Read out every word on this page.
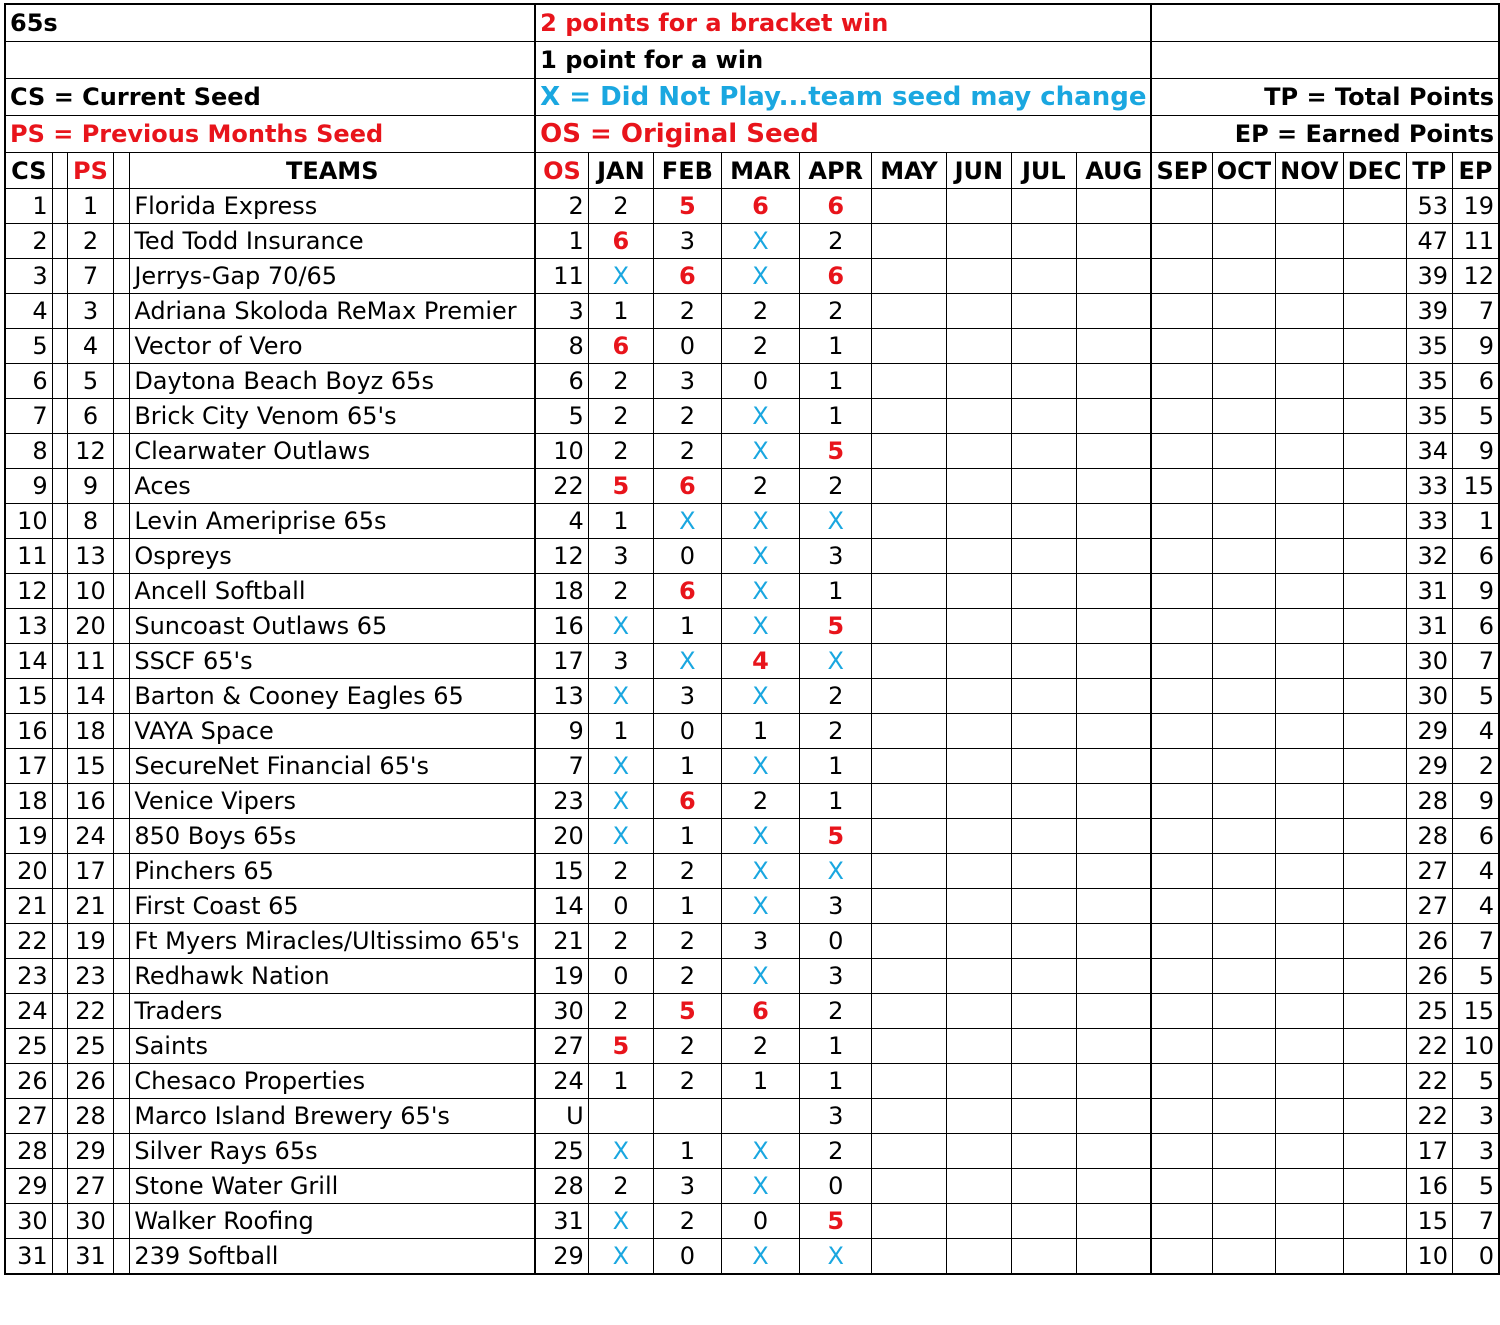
65s					2 points for a bracket win														
					1 point for a win														
CS = Current Seed					X = Did Not Play...team seed may change									TP = Total Points					
PS = Previous Months Seed					OS = Original Seed									EP = Earned Points					
CS		PS		TEAMS	OS	JAN	FEB	MAR	APR	MAY	JUN	JUL	AUG	SEP	OCT	NOV	DEC	TP	EP
1		1		Florida Express	2	2	5	6	6									53	19
2		2		Ted Todd Insurance	1	6	3	X	2									47	11
3		7		Jerrys-Gap 70/65	11	X	6	X	6									39	12
4		3		Adriana Skoloda ReMax Premier	3	1	2	2	2									39	7
5		4		Vector of Vero	8	6	0	2	1									35	9
6		5		Daytona Beach Boyz 65s	6	2	3	0	1									35	6
7		6		Brick City Venom 65's	5	2	2	X	1									35	5
8		12		Clearwater Outlaws	10	2	2	X	5									34	9
9		9		Aces	22	5	6	2	2									33	15
10		8		Levin Ameriprise 65s	4	1	X	X	X									33	1
11		13		Ospreys	12	3	0	X	3									32	6
12		10		Ancell Softball	18	2	6	X	1									31	9
13		20		Suncoast Outlaws 65	16	X	1	X	5									31	6
14		11		SSCF 65's	17	3	X	4	X									30	7
15		14		Barton & Cooney Eagles 65	13	X	3	X	2									30	5
16		18		VAYA Space	9	1	0	1	2									29	4
17		15		SecureNet Financial 65's	7	X	1	X	1									29	2
18		16		Venice Vipers	23	X	6	2	1									28	9
19		24		850 Boys 65s	20	X	1	X	5									28	6
20		17		Pinchers 65	15	2	2	X	X									27	4
21		21		First Coast 65	14	0	1	X	3									27	4
22		19		Ft Myers Miracles/Ultissimo 65's	21	2	2	3	0									26	7
23		23		Redhawk Nation	19	0	2	X	3									26	5
24		22		Traders	30	2	5	6	2									25	15
25		25		Saints	27	5	2	2	1									22	10
26		26		Chesaco Properties	24	1	2	1	1									22	5
27		28		Marco Island Brewery 65's	U				3									22	3
28		29		Silver Rays 65s	25	X	1	X	2									17	3
29		27		Stone Water Grill	28	2	3	X	0									16	5
30		30		Walker Roofing	31	X	2	0	5									15	7
31		31		239 Softball	29	X	0	X	X									10	0
